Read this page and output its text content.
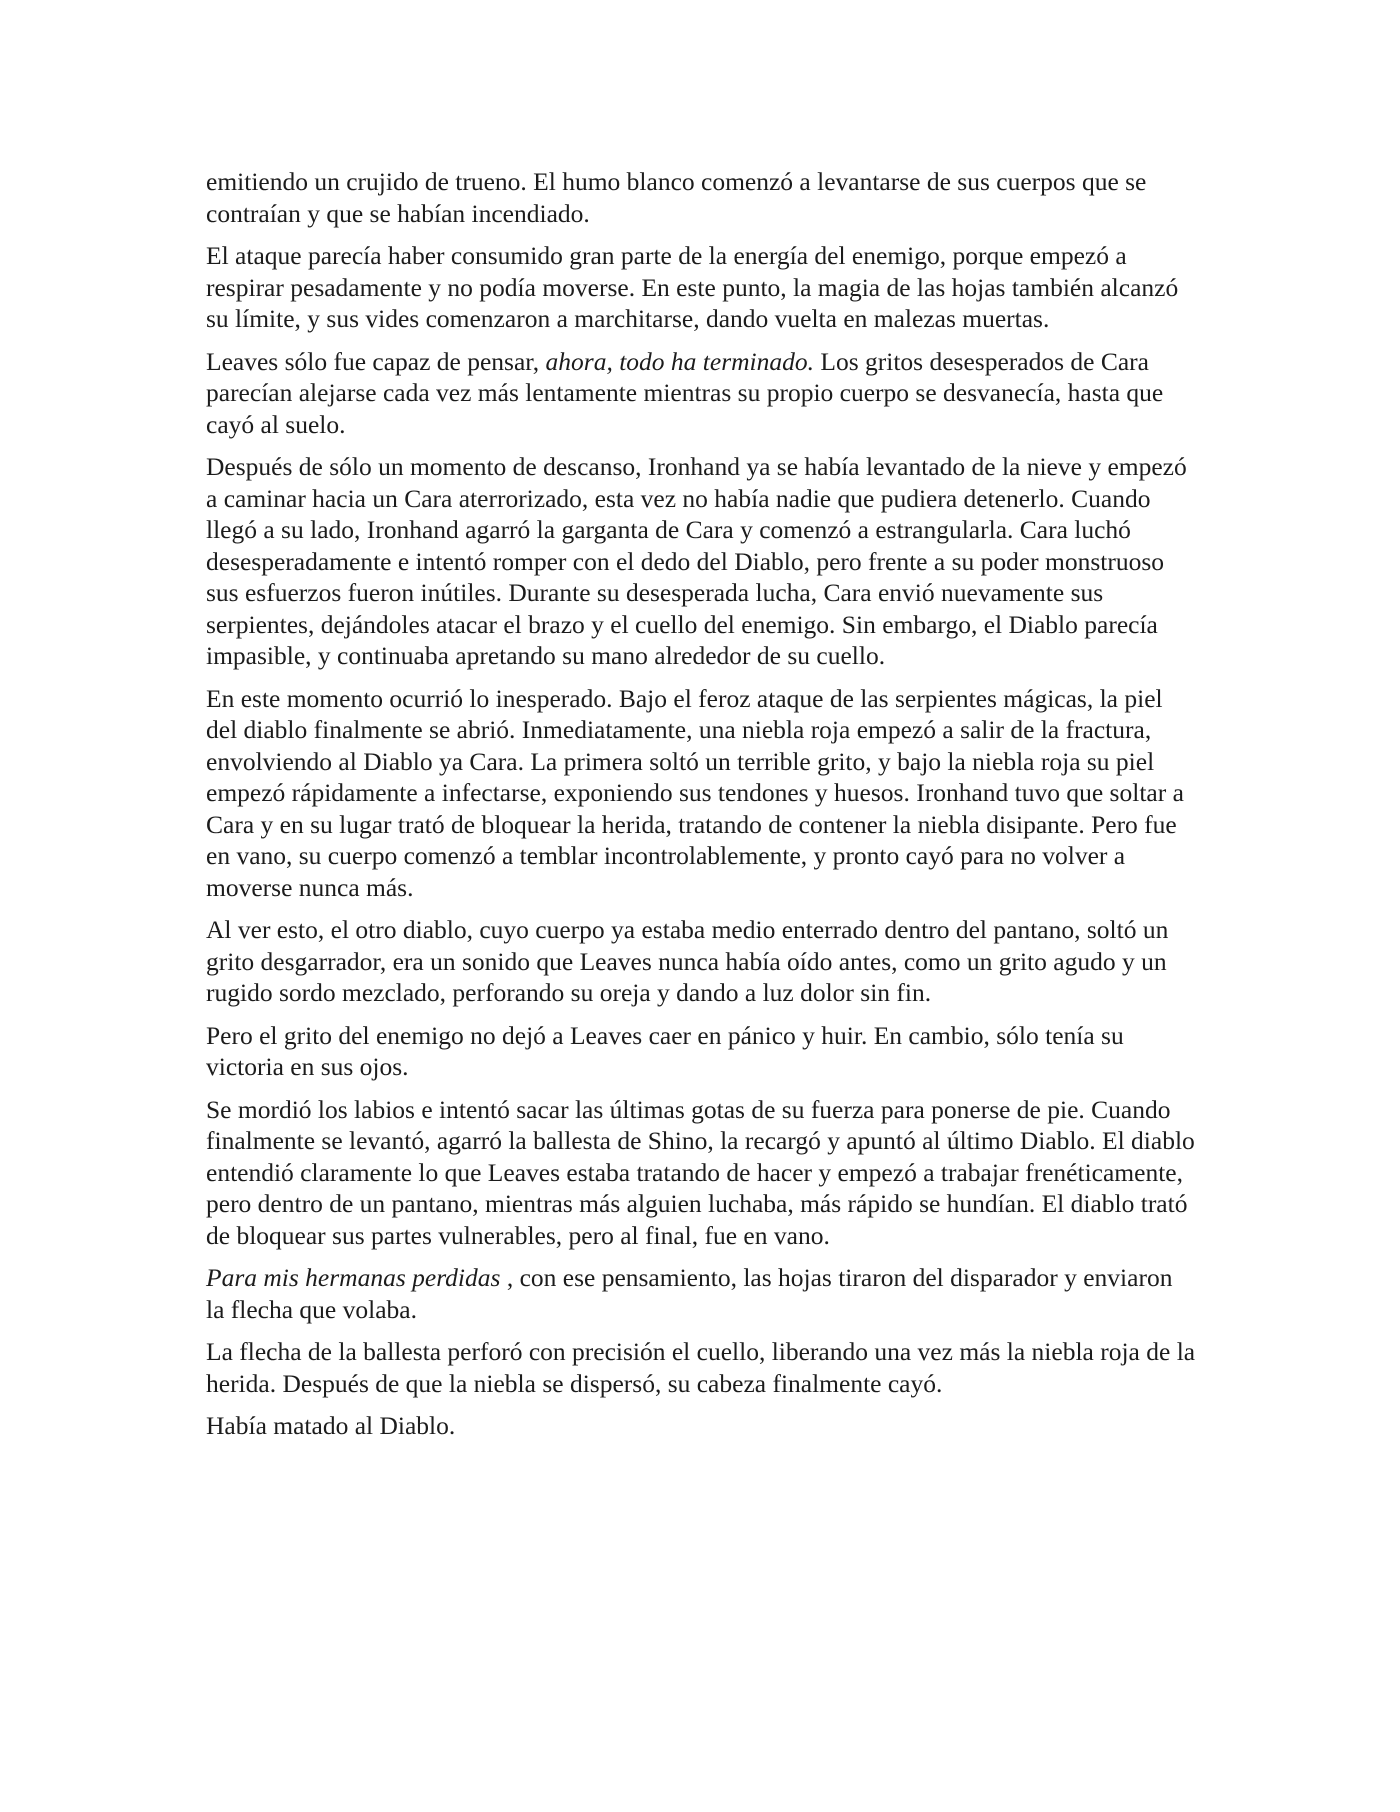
emitiendo un crujido de trueno. El humo blanco comenzó a levantarse de sus cuerpos que se contraían y que se habían incendiado.

El ataque parecía haber consumido gran parte de la energía del enemigo, porque empezó a respirar pesadamente y no podía moverse. En este punto, la magia de las hojas también alcanzó su límite, y sus vides comenzaron a marchitarse, dando vuelta en malezas muertas.

Leaves sólo fue capaz de pensar, ahora, todo ha terminado. Los gritos desesperados de Cara parecían alejarse cada vez más lentamente mientras su propio cuerpo se desvanecía, hasta que cayó al suelo.

Después de sólo un momento de descanso, Ironhand ya se había levantado de la nieve y empezó a caminar hacia un Cara aterrorizado, esta vez no había nadie que pudiera detenerlo. Cuando llegó a su lado, Ironhand agarró la garganta de Cara y comenzó a estrangularla. Cara luchó desesperadamente e intentó romper con el dedo del Diablo, pero frente a su poder monstruoso sus esfuerzos fueron inútiles. Durante su desesperada lucha, Cara envió nuevamente sus serpientes, dejándoles atacar el brazo y el cuello del enemigo. Sin embargo, el Diablo parecía impasible, y continuaba apretando su mano alrededor de su cuello.

En este momento ocurrió lo inesperado. Bajo el feroz ataque de las serpientes mágicas, la piel del diablo finalmente se abrió. Inmediatamente, una niebla roja empezó a salir de la fractura, envolviendo al Diablo ya Cara. La primera soltó un terrible grito, y bajo la niebla roja su piel empezó rápidamente a infectarse, exponiendo sus tendones y huesos. Ironhand tuvo que soltar a Cara y en su lugar trató de bloquear la herida, tratando de contener la niebla disipante. Pero fue en vano, su cuerpo comenzó a temblar incontrolablemente, y pronto cayó para no volver a moverse nunca más.

Al ver esto, el otro diablo, cuyo cuerpo ya estaba medio enterrado dentro del pantano, soltó un grito desgarrador, era un sonido que Leaves nunca había oído antes, como un grito agudo y un rugido sordo mezclado, perforando su oreja y dando a luz dolor sin fin.

Pero el grito del enemigo no dejó a Leaves caer en pánico y huir. En cambio, sólo tenía su victoria en sus ojos.

Se mordió los labios e intentó sacar las últimas gotas de su fuerza para ponerse de pie. Cuando finalmente se levantó, agarró la ballesta de Shino, la recargó y apuntó al último Diablo. El diablo entendió claramente lo que Leaves estaba tratando de hacer y empezó a trabajar frenéticamente, pero dentro de un pantano, mientras más alguien luchaba, más rápido se hundían. El diablo trató de bloquear sus partes vulnerables, pero al final, fue en vano.

Para mis hermanas perdidas , con ese pensamiento, las hojas tiraron del disparador y enviaron la flecha que volaba.

La flecha de la ballesta perforó con precisión el cuello, liberando una vez más la niebla roja de la herida. Después de que la niebla se dispersó, su cabeza finalmente cayó.

Había matado al Diablo.
